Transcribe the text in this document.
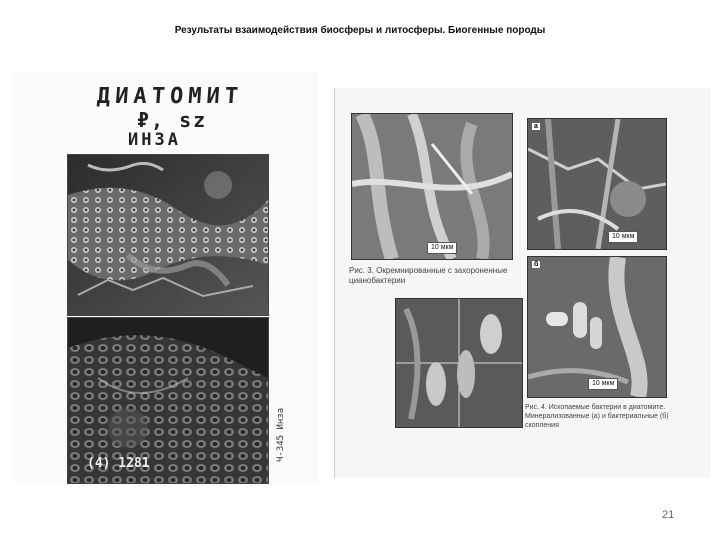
Результаты взаимодействия биосферы и литосферы. Биогенные породы
ДИАТОМИТ
₽, sz
ИНЗА
(4) 1281
Ч-345 Инза
10 мкм
Рис. 3. Окремнированные с захороненные цианобактерии
а
10 мкм
б
10 мкм
Рис. 4. Ископаемые бактерии в диатомите. Минерализованные (а) и бактериальные (б) скопления
21
